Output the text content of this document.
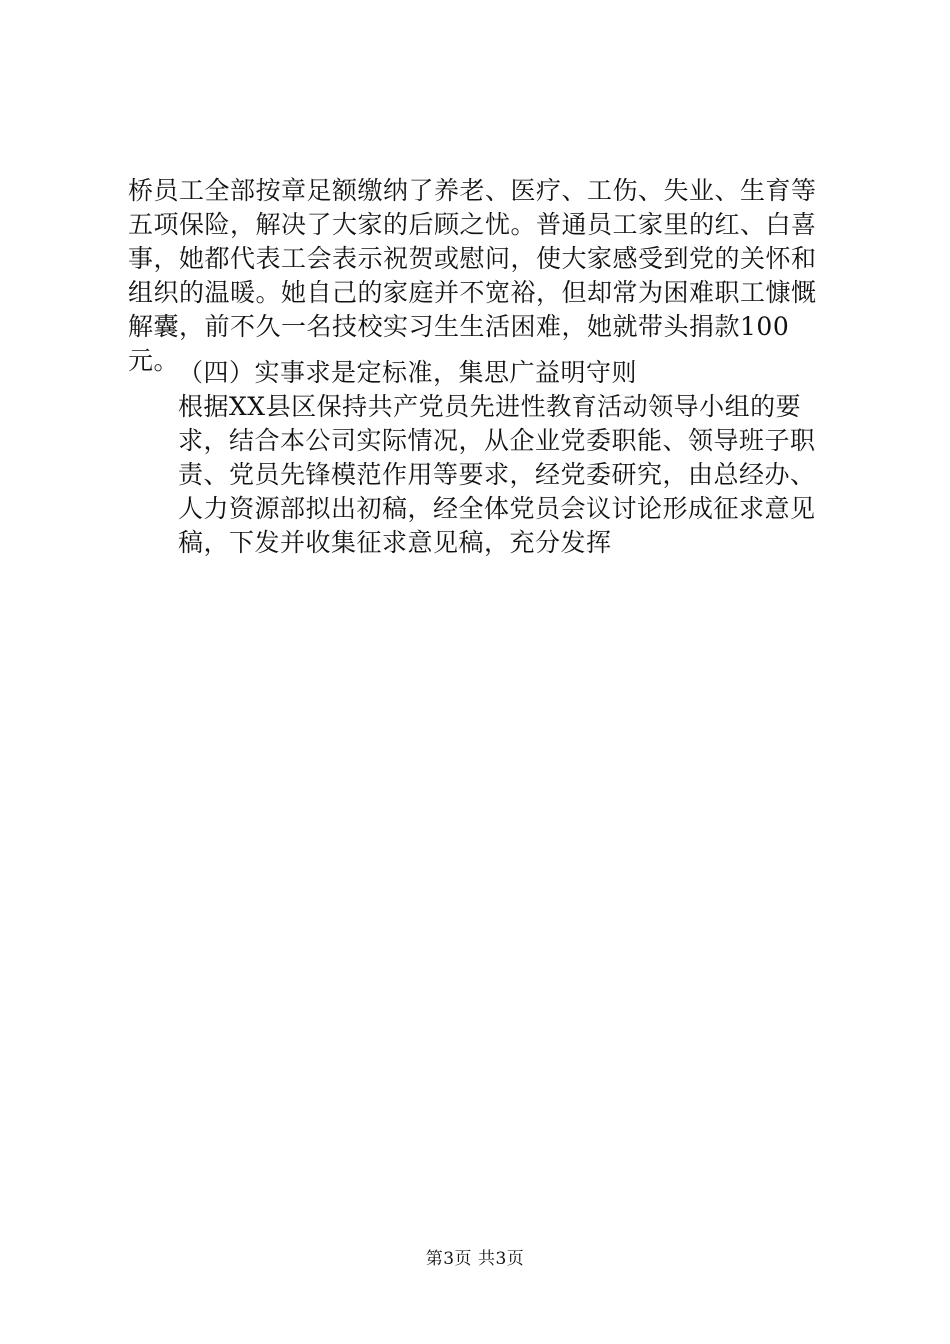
桥员工全部按章足额缴纳了养老、医疗、工伤、失业、生育等五项保险，解决了大家的后顾之忧。普通员工家里的红、白喜事，她都代表工会表示祝贺或慰问，使大家感受到党的关怀和组织的温暖。她自己的家庭并不宽裕，但却常为困难职工慷慨解囊，前不久一名技校实习生生活困难，她就带头捐款100元。

（四）实事求是定标准，集思广益明守则

根据XX县区保持共产党员先进性教育活动领导小组的要求，结合本公司实际情况，从企业党委职能、领导班子职责、党员先锋模范作用等要求，经党委研究，由总经办、人力资源部拟出初稿，经全体党员会议讨论形成征求意见稿，下发并收集征求意见稿，充分发挥

第3页 共3页
